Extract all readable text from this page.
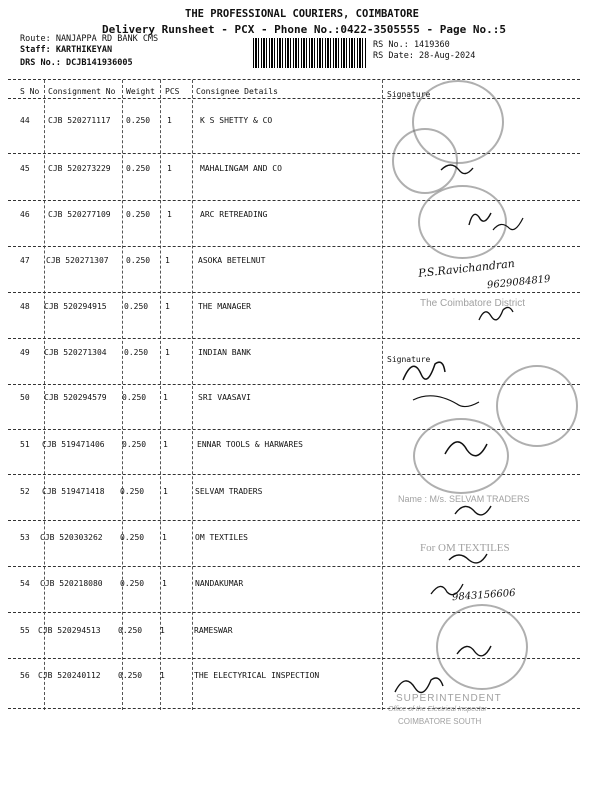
THE PROFESSIONAL COURIERS, COIMBATORE
Delivery Runsheet - PCX - Phone No.:0422-3505555 - Page No.:5
Route: NANJAPPA RD BANK CMS
Staff: KARTHIKEYAN
DRS No.: DCJB141936005
RS No.: 1419360
RS Date: 28-Aug-2024
S No Consignment No Weight PCS Consignee Details	Signature
44 CJB 520271117 0.250 1	K S SHETTY & CO
45 CJB 520273229 0.250 1	MAHALINGAM AND CO
46 CJB 520277109 0.250 1	ARC RETREADING
47 CJB 520271307 0.250 1	ASOKA BETELNUT
48 CJB 520294915 0.250 1	THE MANAGER
49 CJB 520271304 0.250 1	INDIAN BANK
50 CJB 520294579 0.250 1	SRI VAASAVI
51 CJB 519471406 0.250 1	ENNAR TOOLS & HARWARES
52 CJB 519471418 0.250 1	SELVAM TRADERS
53 CJB 520303262 0.250 1	OM TEXTILES
54 CJB 520218080 0.250 1	NANDAKUMAR
55 CJB 520294513 0.250 1	RAMESWAR
56 CJB 520240112 0.250 1	THE ELECTYRICAL INSPECTION
P.S.Ravichandran
9629084819
The Coimbatore District
Signature
Name : M/s. SELVAM TRADERS
For OM TEXTILES
9843156606
SUPERINTENDENT
Office of the Electrical Inspector
COIMBATORE SOUTH
